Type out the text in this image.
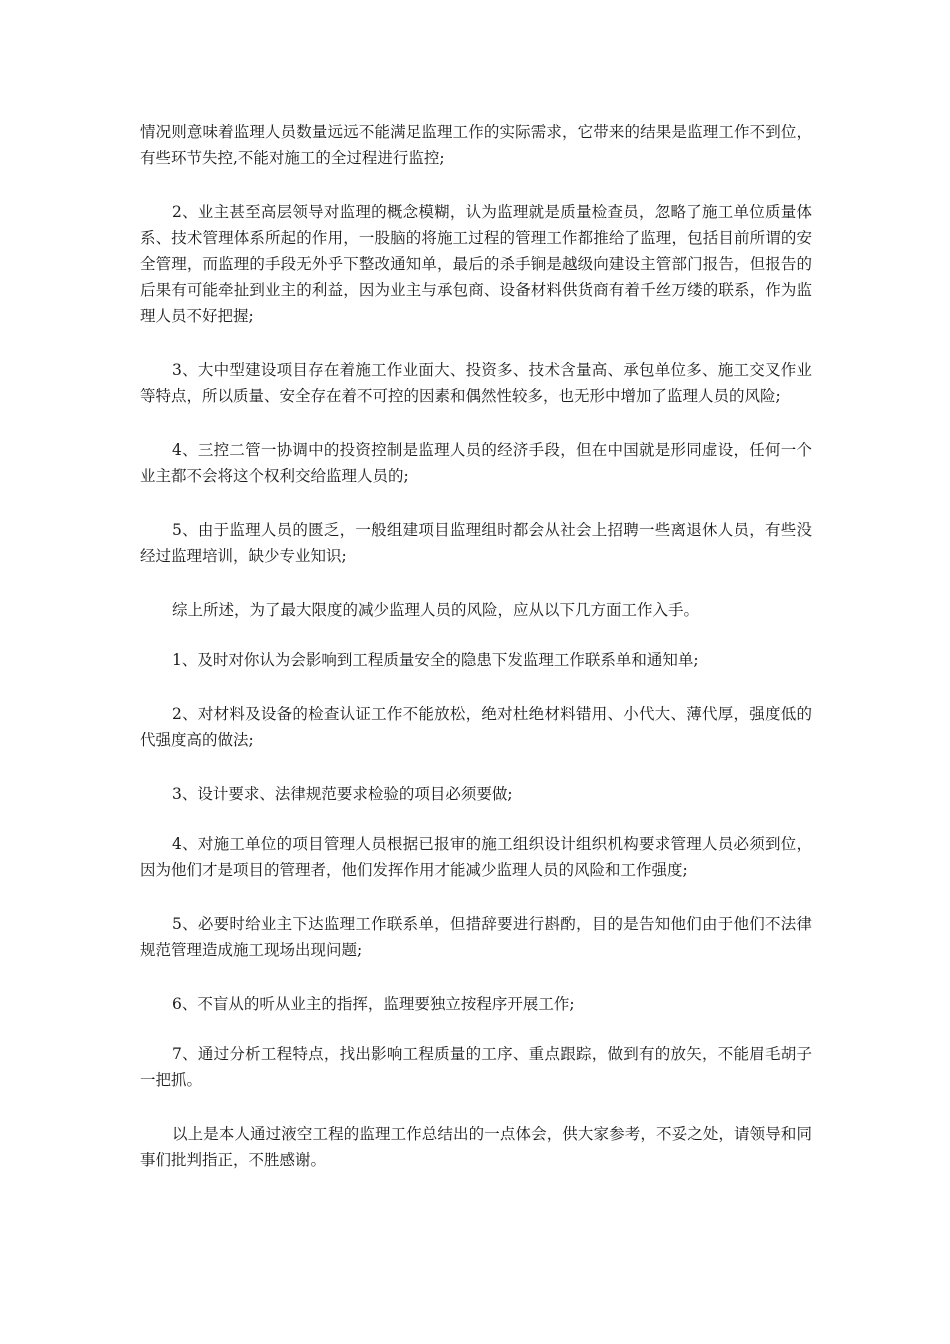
情况则意味着监理人员数量远远不能满足监理工作的实际需求，它带来的结果是监理工作不到位，有些环节失控,不能对施工的全过程进行监控;

2、业主甚至高层领导对监理的概念模糊，认为监理就是质量检查员，忽略了施工单位质量体系、技术管理体系所起的作用，一股脑的将施工过程的管理工作都推给了监理，包括目前所谓的安全管理，而监理的手段无外乎下整改通知单，最后的杀手锏是越级向建设主管部门报告，但报告的后果有可能牵扯到业主的利益，因为业主与承包商、设备材料供货商有着千丝万缕的联系，作为监理人员不好把握;

3、大中型建设项目存在着施工作业面大、投资多、技术含量高、承包单位多、施工交叉作业等特点，所以质量、安全存在着不可控的因素和偶然性较多，也无形中增加了监理人员的风险;

4、三控二管一协调中的投资控制是监理人员的经济手段，但在中国就是形同虚设，任何一个业主都不会将这个权利交给监理人员的;

5、由于监理人员的匮乏，一般组建项目监理组时都会从社会上招聘一些离退休人员，有些没经过监理培训，缺少专业知识;

综上所述，为了最大限度的减少监理人员的风险，应从以下几方面工作入手。

1、及时对你认为会影响到工程质量安全的隐患下发监理工作联系单和通知单;

2、对材料及设备的检查认证工作不能放松，绝对杜绝材料错用、小代大、薄代厚，强度低的代强度高的做法;

3、设计要求、法律规范要求检验的项目必须要做;

4、对施工单位的项目管理人员根据已报审的施工组织设计组织机构要求管理人员必须到位，因为他们才是项目的管理者，他们发挥作用才能减少监理人员的风险和工作强度;

5、必要时给业主下达监理工作联系单，但措辞要进行斟酌，目的是告知他们由于他们不法律规范管理造成施工现场出现问题;

6、不盲从的听从业主的指挥，监理要独立按程序开展工作;

7、通过分析工程特点，找出影响工程质量的工序、重点跟踪，做到有的放矢，不能眉毛胡子一把抓。

以上是本人通过液空工程的监理工作总结出的一点体会，供大家参考，不妥之处，请领导和同事们批判指正，不胜感谢。
